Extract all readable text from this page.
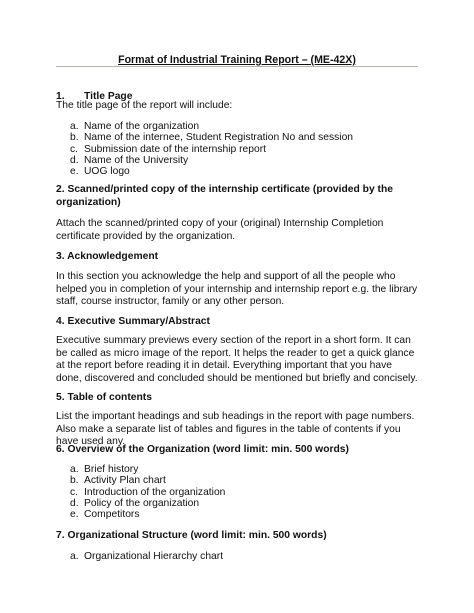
Format of Industrial Training Report – (ME-42X)
1. Title Page
The title page of the report will include:
a. Name of the organization
b. Name of the internee, Student Registration No and session
c. Submission date of the internship report
d. Name of the University
e. UOG logo
2. Scanned/printed copy of the internship certificate (provided by the organization)
Attach the scanned/printed copy of your (original) Internship Completion certificate provided by the organization.
3. Acknowledgement
In this section you acknowledge the help and support of all the people who helped you in completion of your internship and internship report e.g. the library staff, course instructor, family or any other person.
4. Executive Summary/Abstract
Executive summary previews every section of the report in a short form. It can be called as micro image of the report. It helps the reader to get a quick glance at the report before reading it in detail. Everything important that you have done, discovered and concluded should be mentioned but briefly and concisely.
5. Table of contents
List the important headings and sub headings in the report with page numbers. Also make a separate list of tables and figures in the table of contents if you have used any.
6. Overview of the Organization (word limit: min. 500 words)
a. Brief history
b. Activity Plan chart
c. Introduction of the organization
d. Policy of the organization
e. Competitors
7. Organizational Structure (word limit: min. 500 words)
a. Organizational Hierarchy chart
